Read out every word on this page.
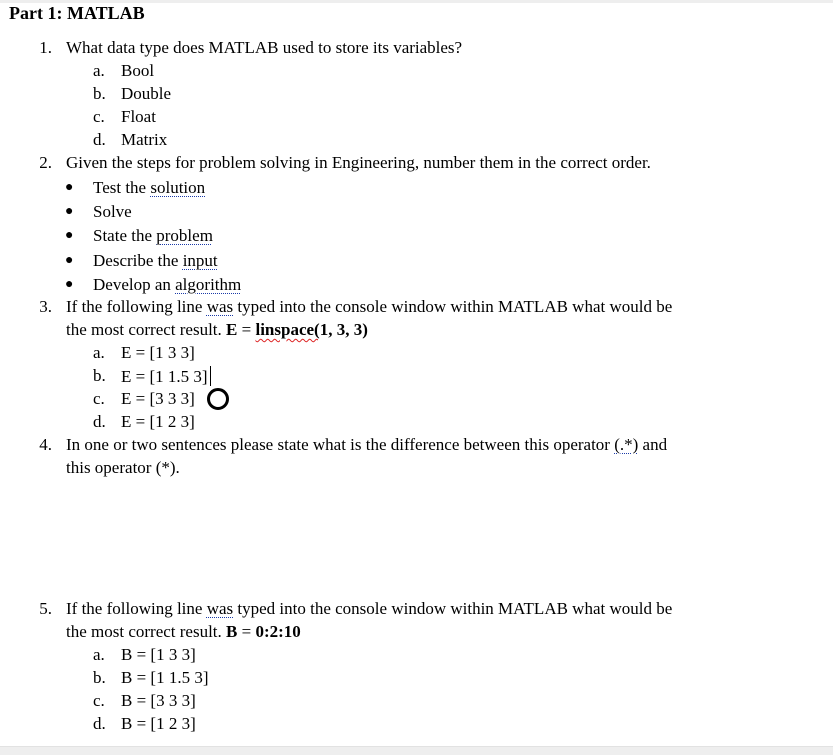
Part 1: MATLAB
1. What data type does MATLAB used to store its variables?
a. Bool
b. Double
c. Float
d. Matrix
2. Given the steps for problem solving in Engineering, number them in the correct order.
● Test the solution
● Solve
● State the problem
● Describe the input
● Develop an algorithm
3. If the following line was typed into the console window within MATLAB what would be
the most correct result. E = linspace(1, 3, 3)
a. E = [1 3 3]
b. E = [1 1.5 3]
c. E = [3 3 3]
d. E = [1 2 3]
4. In one or two sentences please state what is the difference between this operator (.*) and
this operator (*).
5. If the following line was typed into the console window within MATLAB what would be
the most correct result. B = 0:2:10
a. B = [1 3 3]
b. B = [1 1.5 3]
c. B = [3 3 3]
d. B = [1 2 3]
